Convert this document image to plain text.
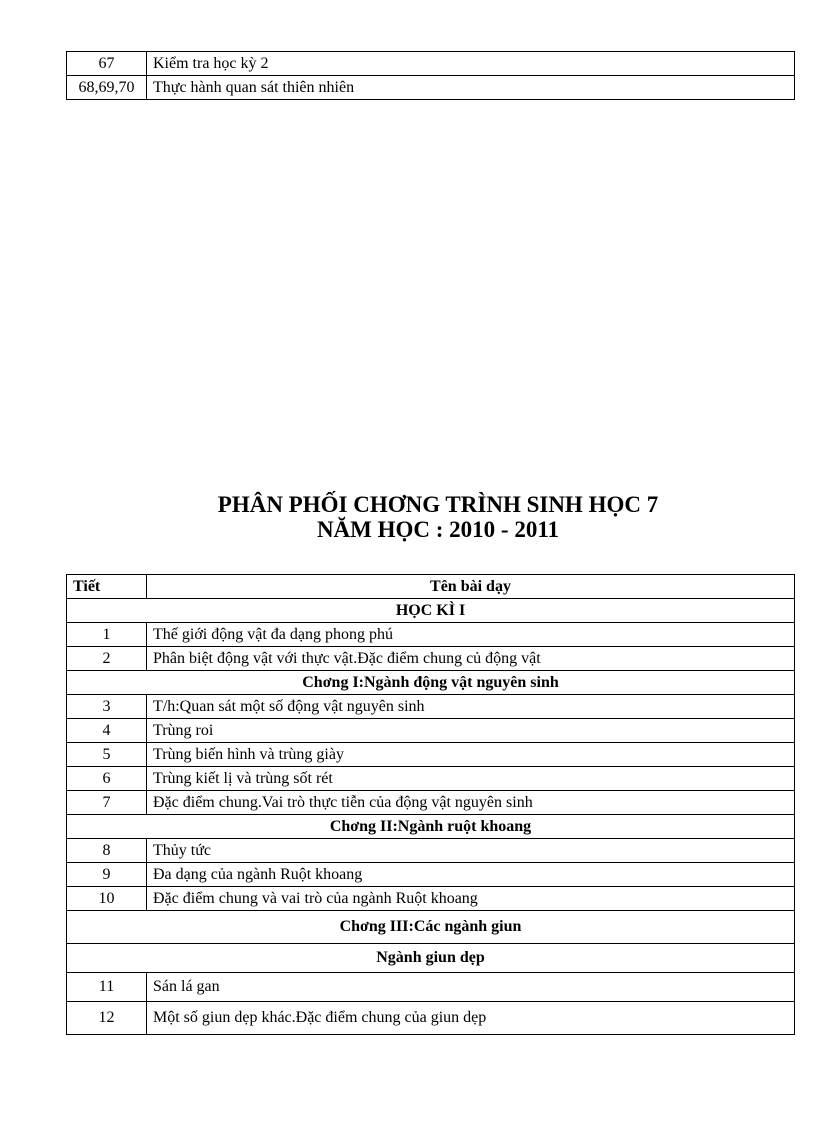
67	Kiểm tra học kỳ 2
68,69,70	Thực hành quan sát thiên nhiên
PHÂN PHỐI CHƠNG TRÌNH SINH HỌC 7
NĂM HỌC : 2010 - 2011
Tiết	Tên bài dạy
HỌC KÌ I	
1	Thế giới động vật đa dạng phong phú
2	Phân biệt động vật với thực vật.Đặc điểm chung củ động vật
Chơng I:Ngành động vật nguyên sinh	
3	T/h:Quan sát một số động vật nguyên sinh
4	Trùng roi
5	Trùng biến hình và trùng giày
6	Trùng kiết lị và trùng sốt rét
7	Đặc điểm chung.Vai trò thực tiễn của động vật nguyên sinh
Chơng II:Ngành ruột khoang	
8	Thủy tức
9	Đa dạng của ngành Ruột khoang
10	Đặc điểm chung và vai trò của ngành Ruột khoang
Chơng III:Các ngành giun	
Ngành giun dẹp	
11	Sán lá gan
12	Một số giun dẹp khác.Đặc điểm chung của giun dẹp
